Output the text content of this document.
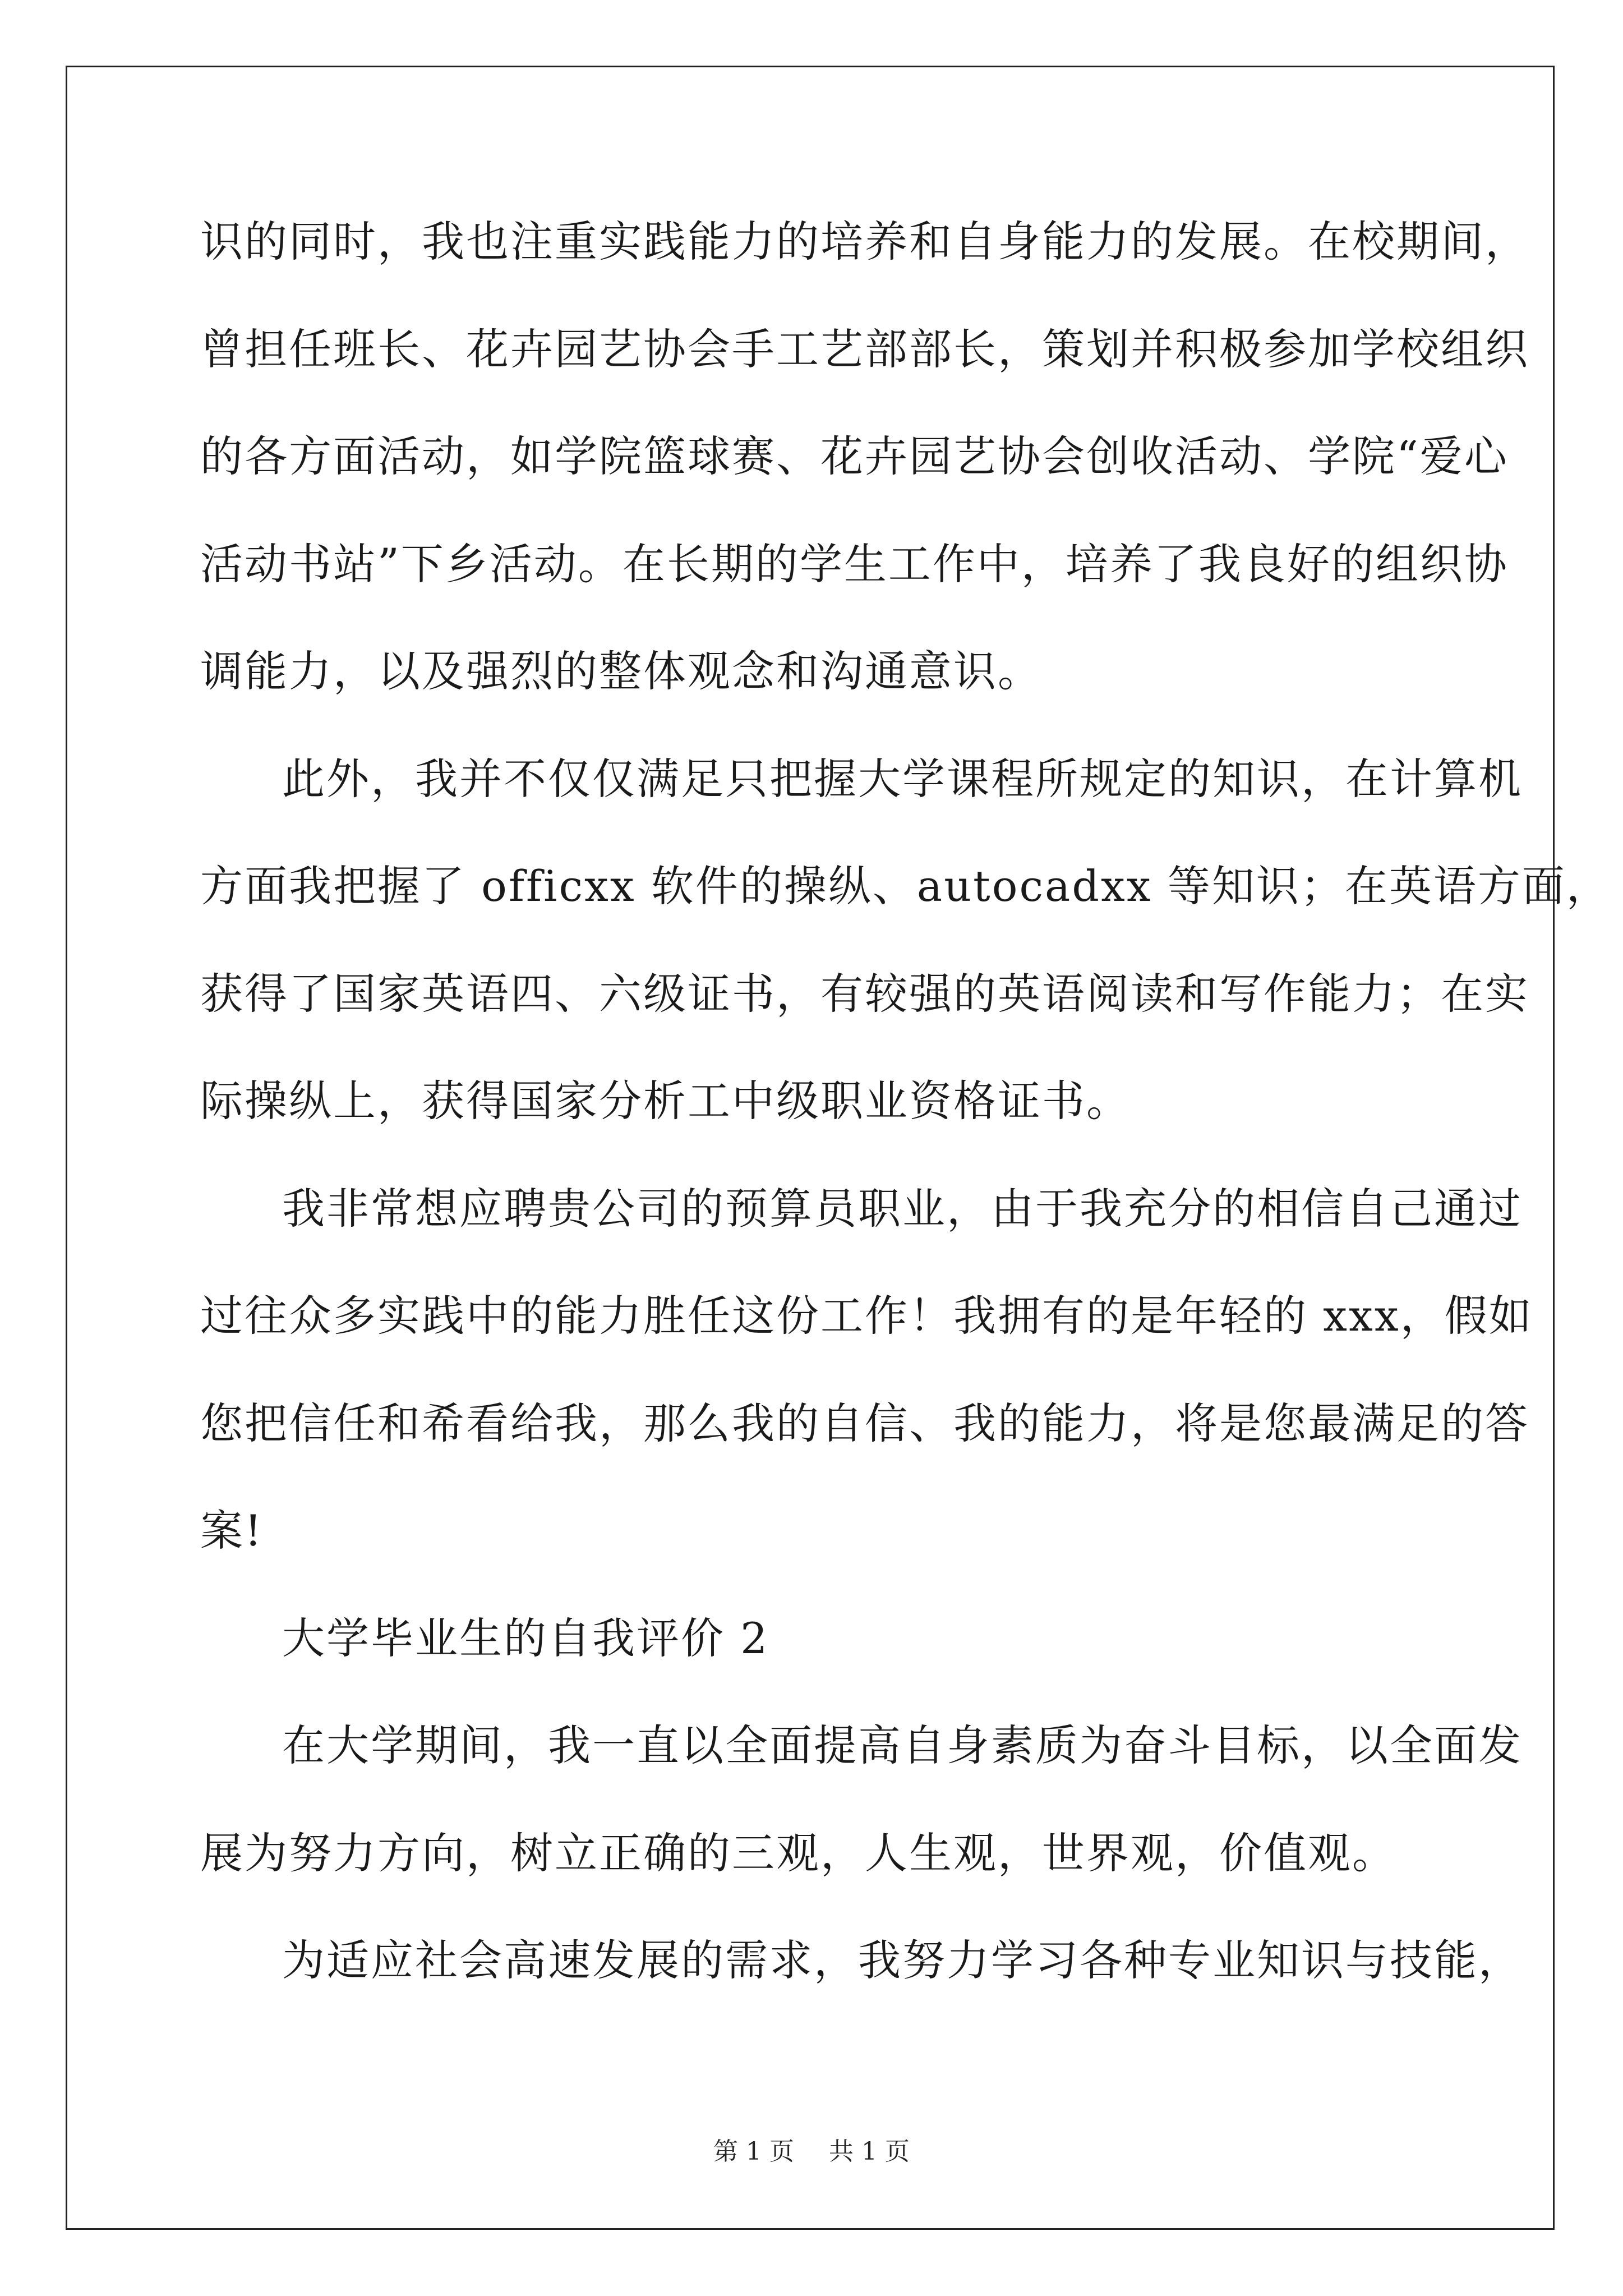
识的同时，我也注重实践能力的培养和自身能力的发展。在校期间，
曾担任班长、花卉园艺协会手工艺部部长，策划并积极参加学校组织
的各方面活动，如学院篮球赛、花卉园艺协会创收活动、学院“爱心
活动书站”下乡活动。在长期的学生工作中，培养了我良好的组织协
调能力，以及强烈的整体观念和沟通意识。
此外，我并不仅仅满足只把握大学课程所规定的知识，在计算机
方面我把握了 officxx 软件的操纵、autocadxx 等知识；在英语方面，
获得了国家英语四、六级证书，有较强的英语阅读和写作能力；在实
际操纵上，获得国家分析工中级职业资格证书。
我非常想应聘贵公司的预算员职业，由于我充分的相信自己通过
过往众多实践中的能力胜任这份工作！我拥有的是年轻的 xxx，假如
您把信任和希看给我，那么我的自信、我的能力，将是您最满足的答
案!
大学毕业生的自我评价 2
在大学期间，我一直以全面提高自身素质为奋斗目标，以全面发
展为努力方向，树立正确的三观，人生观，世界观，价值观。
为适应社会高速发展的需求，我努力学习各种专业知识与技能，
第 1 页 共 1 页
